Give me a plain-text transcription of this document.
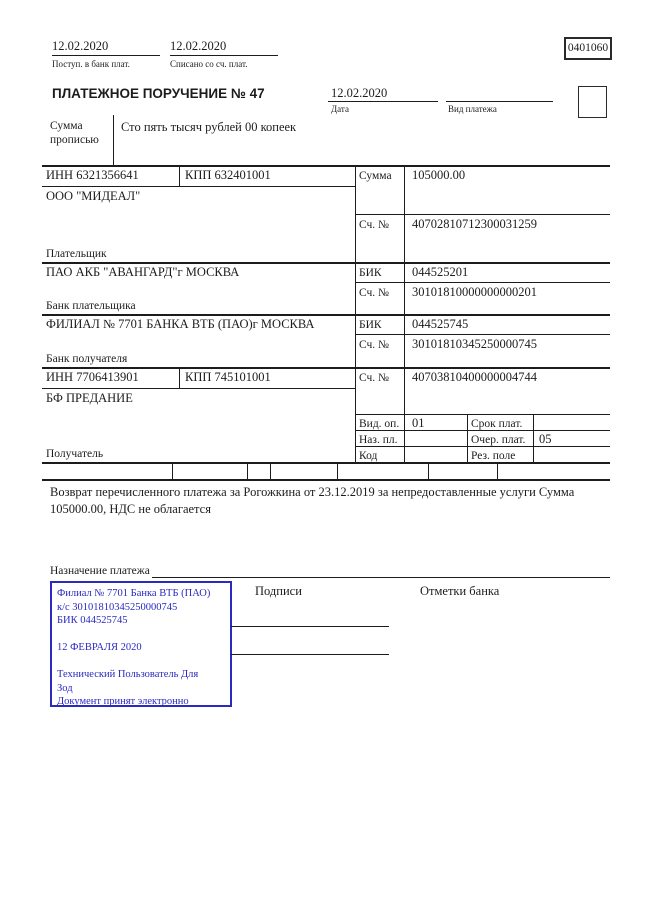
12.02.2020
Поступ. в банк плат.
12.02.2020
Списано со сч. плат.
0401060
ПЛАТЕЖНОЕ ПОРУЧЕНИЕ № 47	12.02.2020
Дата	Вид платежа
Сумма прописью
Сто пять тысяч рублей 00 копеек
ИНН 6321356641	КПП 632401001	Сумма 105000.00
ООО "МИДЕАЛ"
Сч. № 40702810712300031259
Плательщик
ПАО АКБ "АВАНГАРД"г МОСКВА	БИК 044525201
Сч. № 30101810000000000201
Банк плательщика
ФИЛИАЛ № 7701 БАНКА ВТБ (ПАО)г МОСКВА	БИК 044525745
Сч. № 30101810345250000745
Банк получателя
ИНН 7706413901	КПП 745101001	Сч. № 40703810400000004744
БФ ПРЕДАНИЕ
Вид. оп. 01	Срок плат.
Наз. пл.	Очер. плат. 05
Код	Рез. поле
Получатель
Возврат перечисленного платежа за Рогожкина от 23.12.2019 за непредоставленные услуги Сумма 105000.00, НДС не облагается
Назначение платежа
Филиал № 7701 Банка ВТБ (ПАО)
к/с 30101810345250000745
БИК 044525745
12 ФЕВРАЛЯ 2020
Технический Пользователь Для
Зод
Документ принят электронно
Подписи	Отметки банка
